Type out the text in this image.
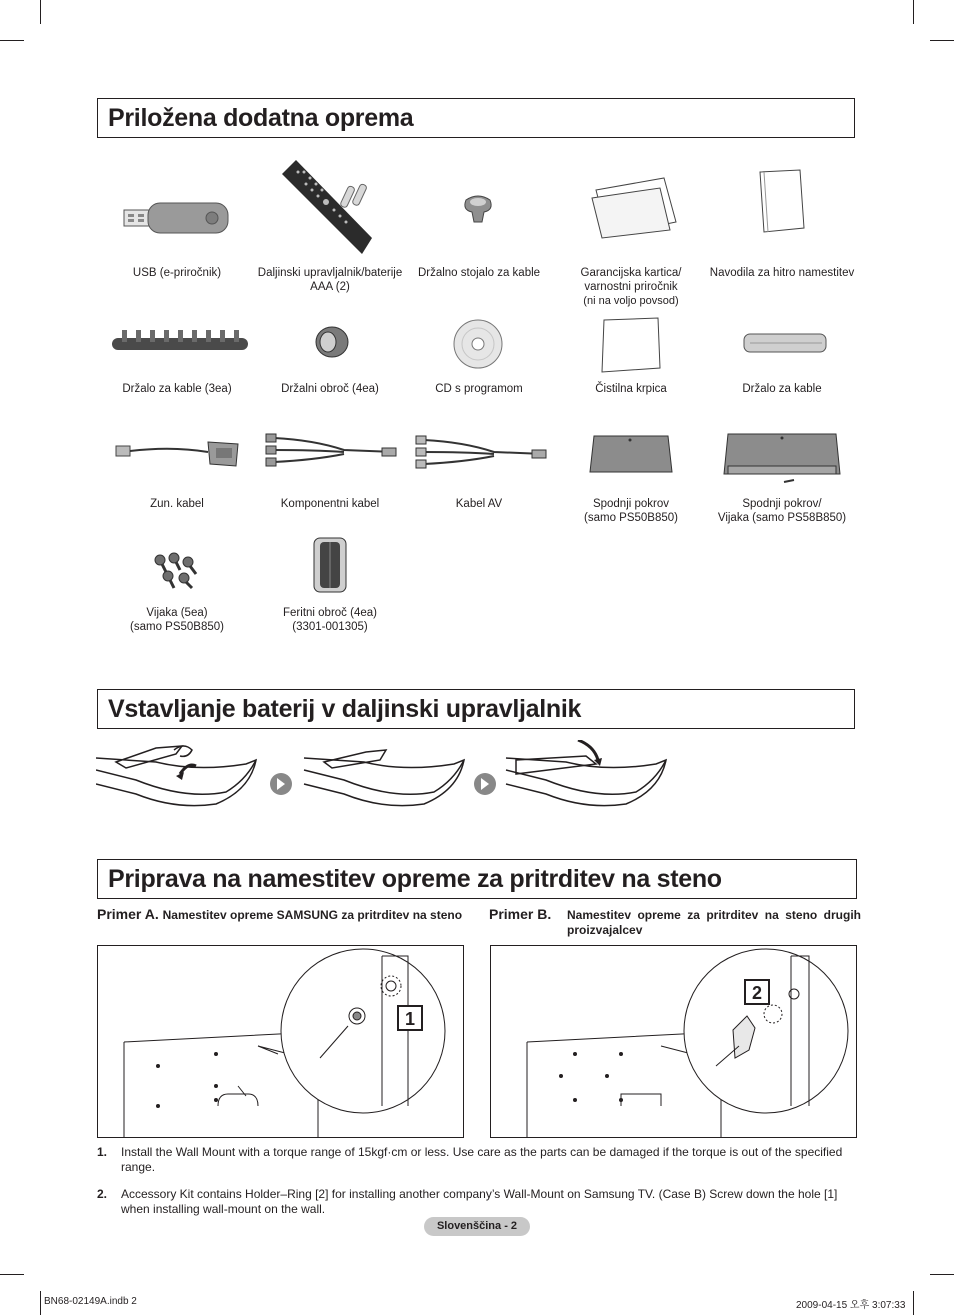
Priložena dodatna oprema
USB (e-priročnik)	Daljinski upravljalnik/baterije
AAA (2)
Držalno stojalo za kable	Garancijska kartica/
varnostni priročnik
(ni na voljo povsod)
Navodila za hitro namestitev
Držalo za kable (3ea)	Držalni obroč (4ea)	CD s programom	Čistilna krpica	Držalo za kable
Zun. kabel	Komponentni kabel	Kabel AV	Spodnji pokrov
(samo PS50B850)
Spodnji pokrov/
Vijaka (samo PS58B850)
Vijaka (5ea)
(samo PS50B850)
Feritni obroč (4ea)
(3301-001305)
Vstavljanje baterij v daljinski upravljalnik
Priprava na namestitev opreme za pritrditev na steno
Primer A. Namestitev opreme SAMSUNG za pritrditev na steno	Primer B. Namestitev opreme za pritrditev na steno drugih proizvajalcev
1
2
1. Install the Wall Mount with a torque range of 15kgf·cm or less. Use care as the parts can be damaged if the torque is out of the specified range.
2. Accessory Kit contains Holder–Ring [2] for installing another company’s Wall-Mount on Samsung TV. (Case B) Screw down the hole [1] when installing wall-mount on the wall.
Slovenščina - 2
BN68-02149A.indb 2	2009-04-15 오후 3:07:33
